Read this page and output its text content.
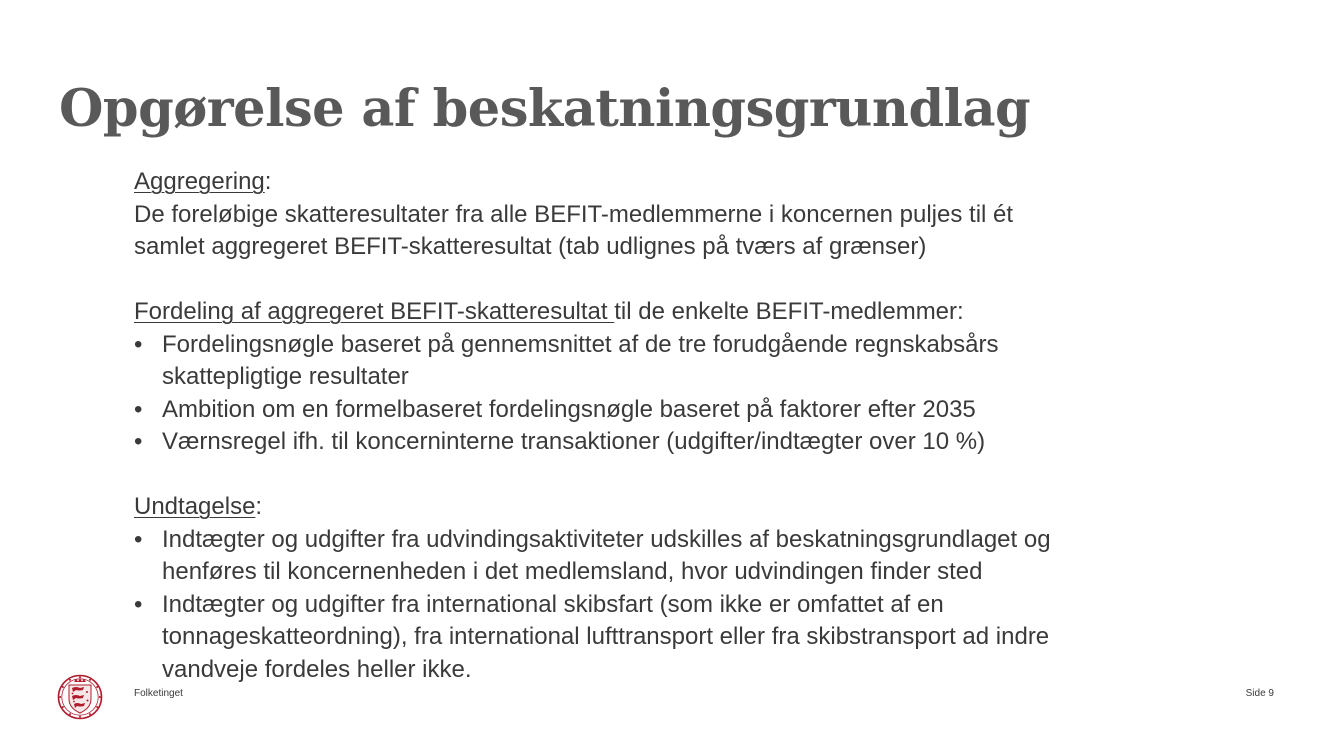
Opgørelse af beskatningsgrundlag
Aggregering:
De foreløbige skatteresultater fra alle BEFIT-medlemmerne i koncernen puljes til ét
samlet aggregeret BEFIT-skatteresultat (tab udlignes på tværs af grænser)
Fordeling af aggregeret BEFIT-skatteresultat til de enkelte BEFIT-medlemmer:
• Fordelingsnøgle baseret på gennemsnittet af de tre forudgående regnskabsårs
skattepligtige resultater
• Ambition om en formelbaseret fordelingsnøgle baseret på faktorer efter 2035
• Værnsregel ifh. til koncerninterne transaktioner (udgifter/indtægter over 10 %)
Undtagelse:
• Indtægter og udgifter fra udvindingsaktiviteter udskilles af beskatningsgrundlaget og
henføres til koncernenheden i det medlemsland, hvor udvindingen finder sted
• Indtægter og udgifter fra international skibsfart (som ikke er omfattet af en
tonnageskatteordning), fra international lufttransport eller fra skibstransport ad indre
vandveje fordeles heller ikke.
Folketinget	Side 9
